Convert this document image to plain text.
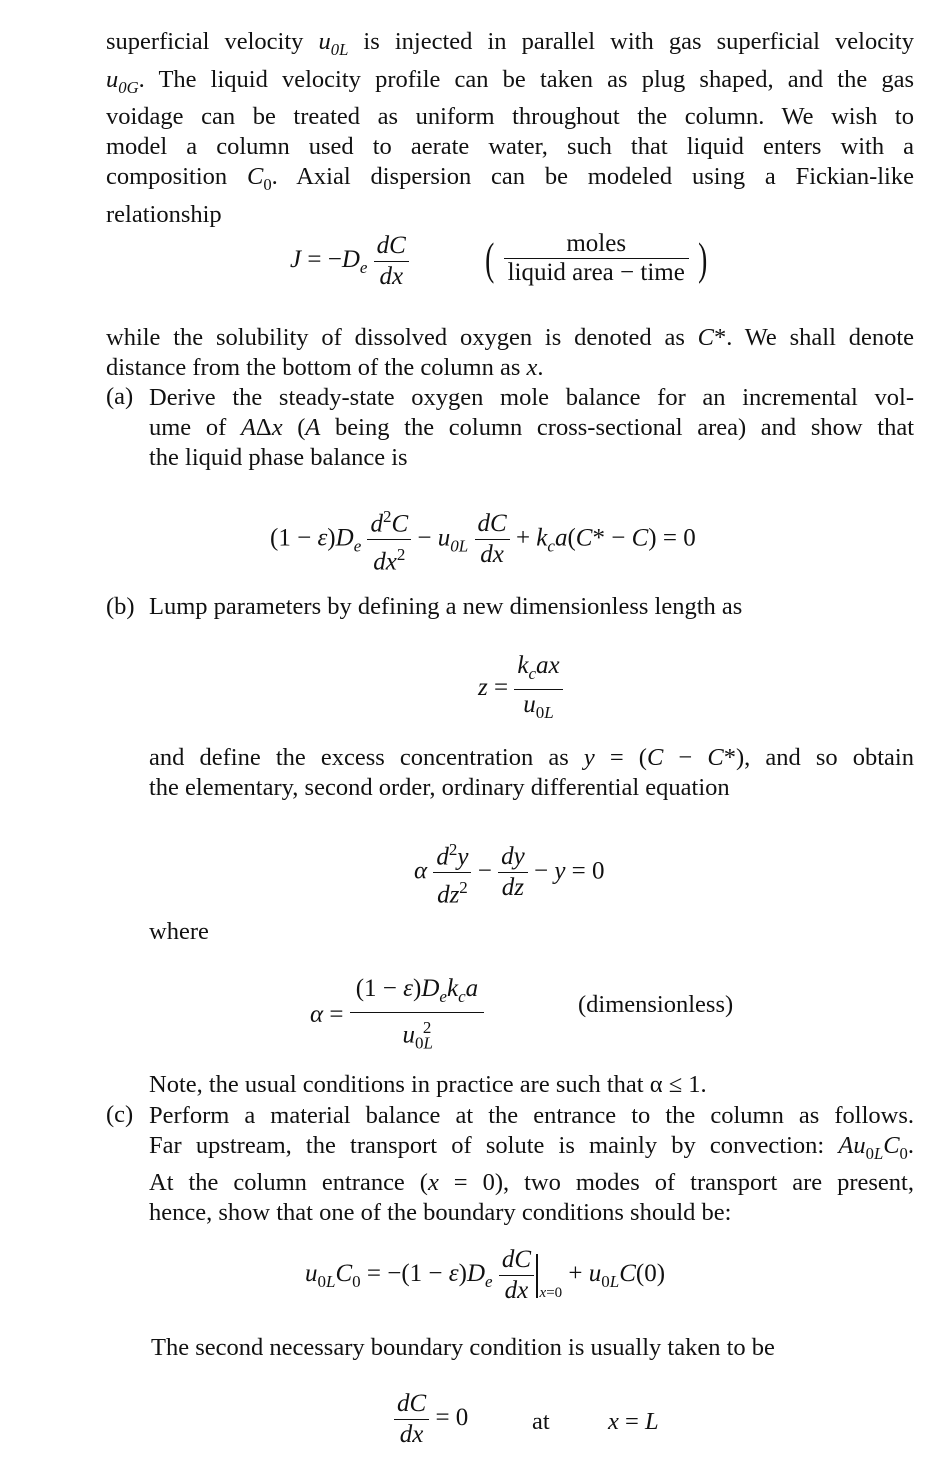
superficial velocity $u_{0L}$ is injected in parallel with gas superficial velocity
$u_{0G}$. The liquid velocity profile can be taken as plug shaped, and the gas
voidage can be treated as uniform throughout the column. We wish to
model a column used to aerate water, such that liquid enters with a
composition $C_0$. Axial dispersion can be modeled using a Fickian-like
relationship
$J = -D_e \frac{dC}{dx}$ ( $\frac{\text{moles}}{\text{liquid area − time}}$ )
while the solubility of dissolved oxygen is denoted as C*. We shall denote
distance from the bottom of the column as x.
(a) Derive the steady-state oxygen mole balance for an incremental vol-
ume of AΔx (A being the column cross-sectional area) and show that
the liquid phase balance is
$(1 - \varepsilon)D_e \frac{d^2C}{dx^2} - u_{0L} \frac{dC}{dx} + k_ca(C* - C) = 0$
(b) Lump parameters by defining a new dimensionless length as
$z = \frac{k_cax}{u_{0L}}$
and define the excess concentration as y = (C − C*), and so obtain
the elementary, second order, ordinary differential equation
α $\frac{d^2y}{dz^2} - \frac{dy}{dz} - y = 0$
where
$\alpha = \frac{(1 - \varepsilon)D_ek_ca}{u_{0L}^2}$	(dimensionless)
Note, the usual conditions in practice are such that α ≤ 1.
(c) Perform a material balance at the entrance to the column as follows.
Far upstream, the transport of solute is mainly by convection: $Au_{0L}C_0$.
At the column entrance (x = 0), two modes of transport are present,
hence, show that one of the boundary conditions should be:
$u_{0L}C_0 = -(1 - \varepsilon)D_e \frac{dC}{dx} _{x=0} + u_{0L}C(0)$
The second necessary boundary condition is usually taken to be
$\frac{dC}{dx} = 0$	at x = L
